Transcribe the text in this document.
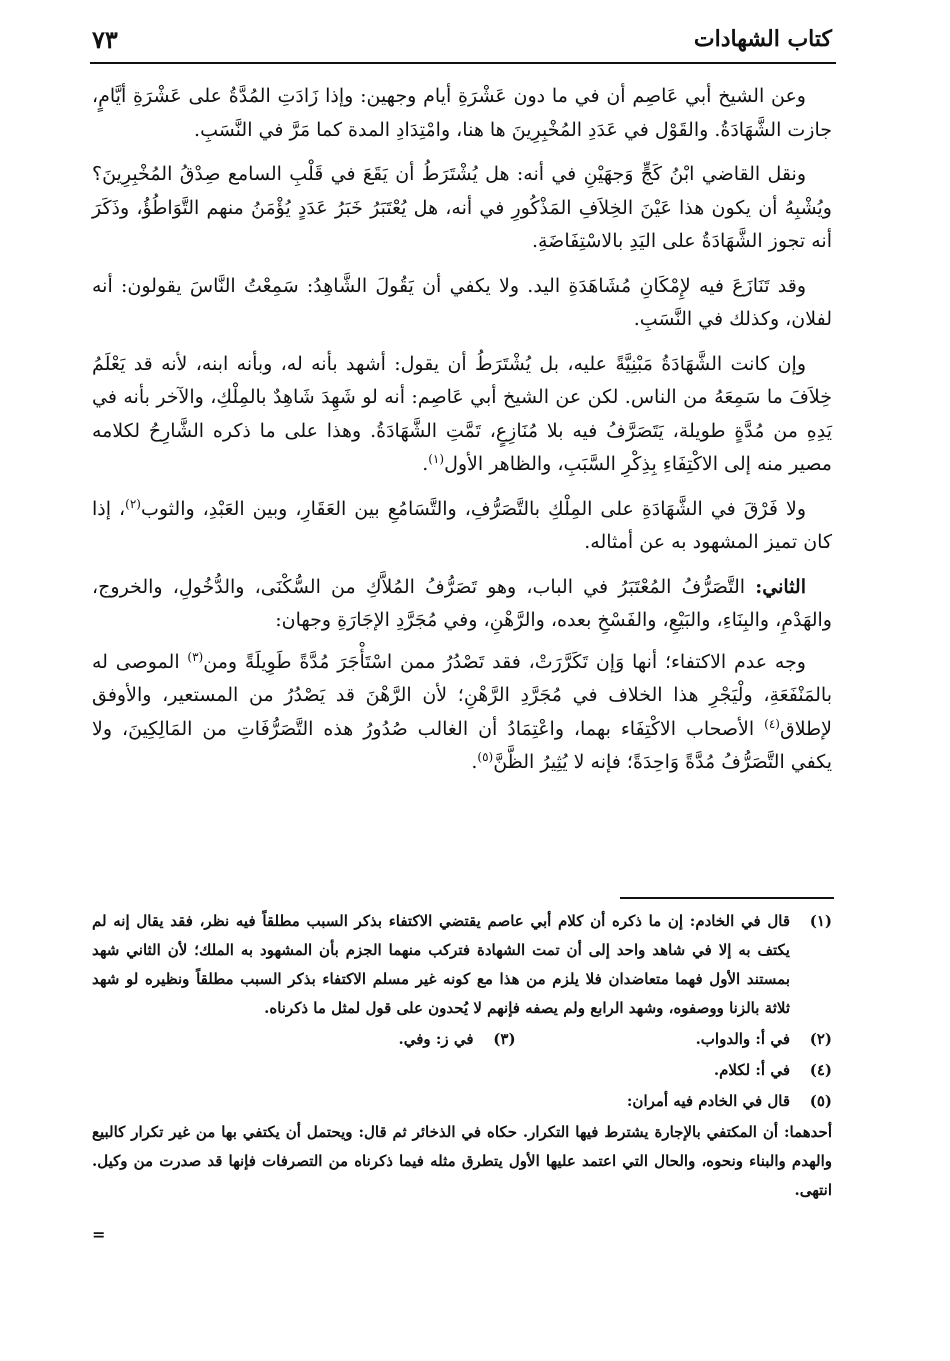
كتاب الشهادات
٧٣

وعن الشيخ أبي عَاصِم أن في ما دون عَشْرَةِ أيام وجهين: وإذا زَادَتِ المُدَّةُ على عَشْرَةِ أيَّامٍ، جازت الشَّهَادَةُ. والقَوْل في عَدَدِ المُخْبِرِينَ ها هنا، وامْتِدَادِ المدة كما مَرَّ في النَّسَبِ.

ونقل القاضي ابْنُ كَجٍّ وَجهَيْنِ في أنه: هل يُشْتَرَطُ أن يَقَعَ في قَلْبِ السامع صِدْقُ المُخْبِرِينَ؟ ويُشْبِهُ أن يكون هذا عَيْنَ الخِلاَفِ المَذْكُورِ في أنه، هل يُعْتَبَرُ خَبَرُ عَدَدٍ يُؤْمَنُ منهم التَّوَاطُؤُ، وذَكَرَ أنه تجوز الشَّهَادَةُ على اليَدِ بالاسْتِفَاضَةِ.

وقد تَنَازَعَ فيه لإِمْكَانِ مُشَاهَدَةِ اليد. ولا يكفي أن يَقُولَ الشَّاهِدُ: سَمِعْتُ النَّاسَ يقولون: أنه لفلان، وكذلك في النَّسَبِ.

وإن كانت الشَّهَادَةُ مَبْنِيَّةً عليه، بل يُشْتَرَطُ أن يقول: أشهد بأنه له، وبأنه ابنه، لأنه قد يَعْلَمُ خِلاَفَ ما سَمِعَهُ من الناس. لكن عن الشيخ أبي عَاصِم: أنه لو شَهِدَ شَاهِدٌ بالمِلْكِ، والآخر بأنه في يَدِهِ من مُدَّةٍ طويلة، يَتَصَرَّفُ فيه بلا مُنَازِعٍ، تَمَّتِ الشَّهَادَةُ. وهذا على ما ذكره الشَّارِحُ لكلامه مصير منه إلى الاكْتِفَاءِ بِذِكْرِ السَّبَبِ، والظاهر الأول$^{(١)}$.

ولا فَرْقَ في الشَّهَادَةِ على المِلْكِ بالتَّصَرُّفِ، والتَّسَامُعِ بين العَقَارِ، وبين العَبْدِ، والثوب$^{(٢)}$، إذا كان تميز المشهود به عن أمثاله.

الثاني: التَّصَرُّفُ المُعْتَبَرُ في الباب، وهو تَصَرُّفُ المُلاَّكِ من السُّكْنَى، والدُّخُولِ، والخروج، والهَدْمِ، والبِنَاءِ، والبَيْعِ، والفَسْخِ بعده، والرَّهْنِ، وفي مُجَرَّدِ الإجَارَةِ وجهان:

وجه عدم الاكتفاء؛ أنها وَإن تَكَرَّرَتْ، فقد تَصْدُرُ ممن اسْتَأْجَرَ مُدَّةً طَوِيلَةً ومن$^{(٣)}$ الموصى له بالمَنْفَعَةِ، ولْيَجْرِ هذا الخلاف في مُجَرَّدِ الرَّهْنِ؛ لأن الرَّهْنَ قد يَصْدُرُ من المستعير، والأوفق لإطلاق$^{(٤)}$ الأصحاب الاكْتِفَاء بهما، واعْتِمَادُ أن الغالب صُدُورُ هذه التَّصَرُّفَاتِ من المَالِكِينَ، ولا يكفي التَّصَرُّفُ مُدَّةً وَاحِدَةً؛ فإنه لا يُثِيرُ الظَّنَّ$^{(٥)}$.

(١)
قال في الخادم: إن ما ذكره أن كلام أبي عاصم يقتضي الاكتفاء بذكر السبب مطلقاً فيه نظر، فقد يقال إنه لم يكتف به إلا في شاهد واحد إلى أن تمت الشهادة فتركب منهما الجزم بأن المشهود به الملك؛ لأن الثاني شهد بمستند الأول فهما متعاضدان فلا يلزم من هذا مع كونه غير مسلم الاكتفاء بذكر السبب مطلقاً ونظيره لو شهد ثلاثة بالزنا ووصفوه، وشهد الرابع ولم يصفه فإنهم لا يُحدون على قول لمثل ما ذكرناه.
(٢)
في أ: والدواب.
(٣)
في ز: وفي.
(٤)
في أ: لكلام.
(٥)
قال في الخادم فيه أمران:

أحدهما: أن المكتفي بالإجارة يشترط فيها التكرار. حكاه في الذخائر ثم قال: ويحتمل أن يكتفي بها من غير تكرار كالبيع والهدم والبناء ونحوه، والحال التي اعتمد عليها الأول يتطرق مثله فيما ذكرناه من التصرفات فإنها قد صدرت من وكيل. انتهى.

=
